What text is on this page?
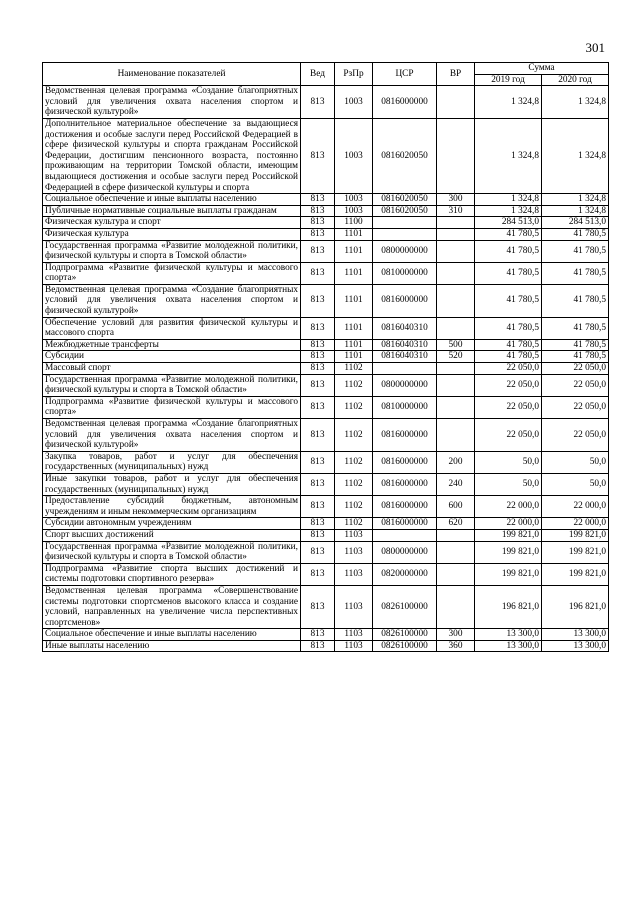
301
Наименование показателей	Вед	РзПр	ЦСР	ВР	Сумма	
					2019 год	2020 год
Ведомственная целевая программа «Создание благоприятных условий для увеличения охвата населения спортом и физической культурой»	813	1003	0816000000		1 324,8	1 324,8
Дополнительное материальное обеспечение за выдающиеся достижения и особые заслуги перед Российской Федерацией в сфере физической культуры и спорта гражданам Российской Федерации, достигшим пенсионного возраста, постоянно проживающим на территории Томской области, имеющим выдающиеся достижения и особые заслуги перед Российской Федерацией в сфере физической культуры и спорта	813	1003	0816020050		1 324,8	1 324,8
Социальное обеспечение и иные выплаты населению	813	1003	0816020050	300	1 324,8	1 324,8
Публичные нормативные социальные выплаты гражданам	813	1003	0816020050	310	1 324,8	1 324,8
Физическая культура и спорт	813	1100			284 513,0	284 513,0
Физическая культура	813	1101			41 780,5	41 780,5
Государственная программа «Развитие молодежной политики, физической культуры и спорта в Томской области»	813	1101	0800000000		41 780,5	41 780,5
Подпрограмма «Развитие физической культуры и массового спорта»	813	1101	0810000000		41 780,5	41 780,5
Ведомственная целевая программа «Создание благоприятных условий для увеличения охвата населения спортом и физической культурой»	813	1101	0816000000		41 780,5	41 780,5
Обеспечение условий для развития физической культуры и массового спорта	813	1101	0816040310		41 780,5	41 780,5
Межбюджетные трансферты	813	1101	0816040310	500	41 780,5	41 780,5
Субсидии	813	1101	0816040310	520	41 780,5	41 780,5
Массовый спорт	813	1102			22 050,0	22 050,0
Государственная программа «Развитие молодежной политики, физической культуры и спорта в Томской области»	813	1102	0800000000		22 050,0	22 050,0
Подпрограмма «Развитие физической культуры и массового спорта»	813	1102	0810000000		22 050,0	22 050,0
Ведомственная целевая программа «Создание благоприятных условий для увеличения охвата населения спортом и физической культурой»	813	1102	0816000000		22 050,0	22 050,0
Закупка товаров, работ и услуг для обеспечения государственных (муниципальных) нужд	813	1102	0816000000	200	50,0	50,0
Иные закупки товаров, работ и услуг для обеспечения государственных (муниципальных) нужд	813	1102	0816000000	240	50,0	50,0
Предоставление субсидий бюджетным, автономным учреждениям и иным некоммерческим организациям	813	1102	0816000000	600	22 000,0	22 000,0
Субсидии автономным учреждениям	813	1102	0816000000	620	22 000,0	22 000,0
Спорт высших достижений	813	1103			199 821,0	199 821,0
Государственная программа «Развитие молодежной политики, физической культуры и спорта в Томской области»	813	1103	0800000000		199 821,0	199 821,0
Подпрограмма «Развитие спорта высших достижений и системы подготовки спортивного резерва»	813	1103	0820000000		199 821,0	199 821,0
Ведомственная целевая программа «Совершенствование системы подготовки спортсменов высокого класса и создание условий, направленных на увеличение числа перспективных спортсменов»	813	1103	0826100000		196 821,0	196 821,0
Социальное обеспечение и иные выплаты населению	813	1103	0826100000	300	13 300,0	13 300,0
Иные выплаты населению	813	1103	0826100000	360	13 300,0	13 300,0
